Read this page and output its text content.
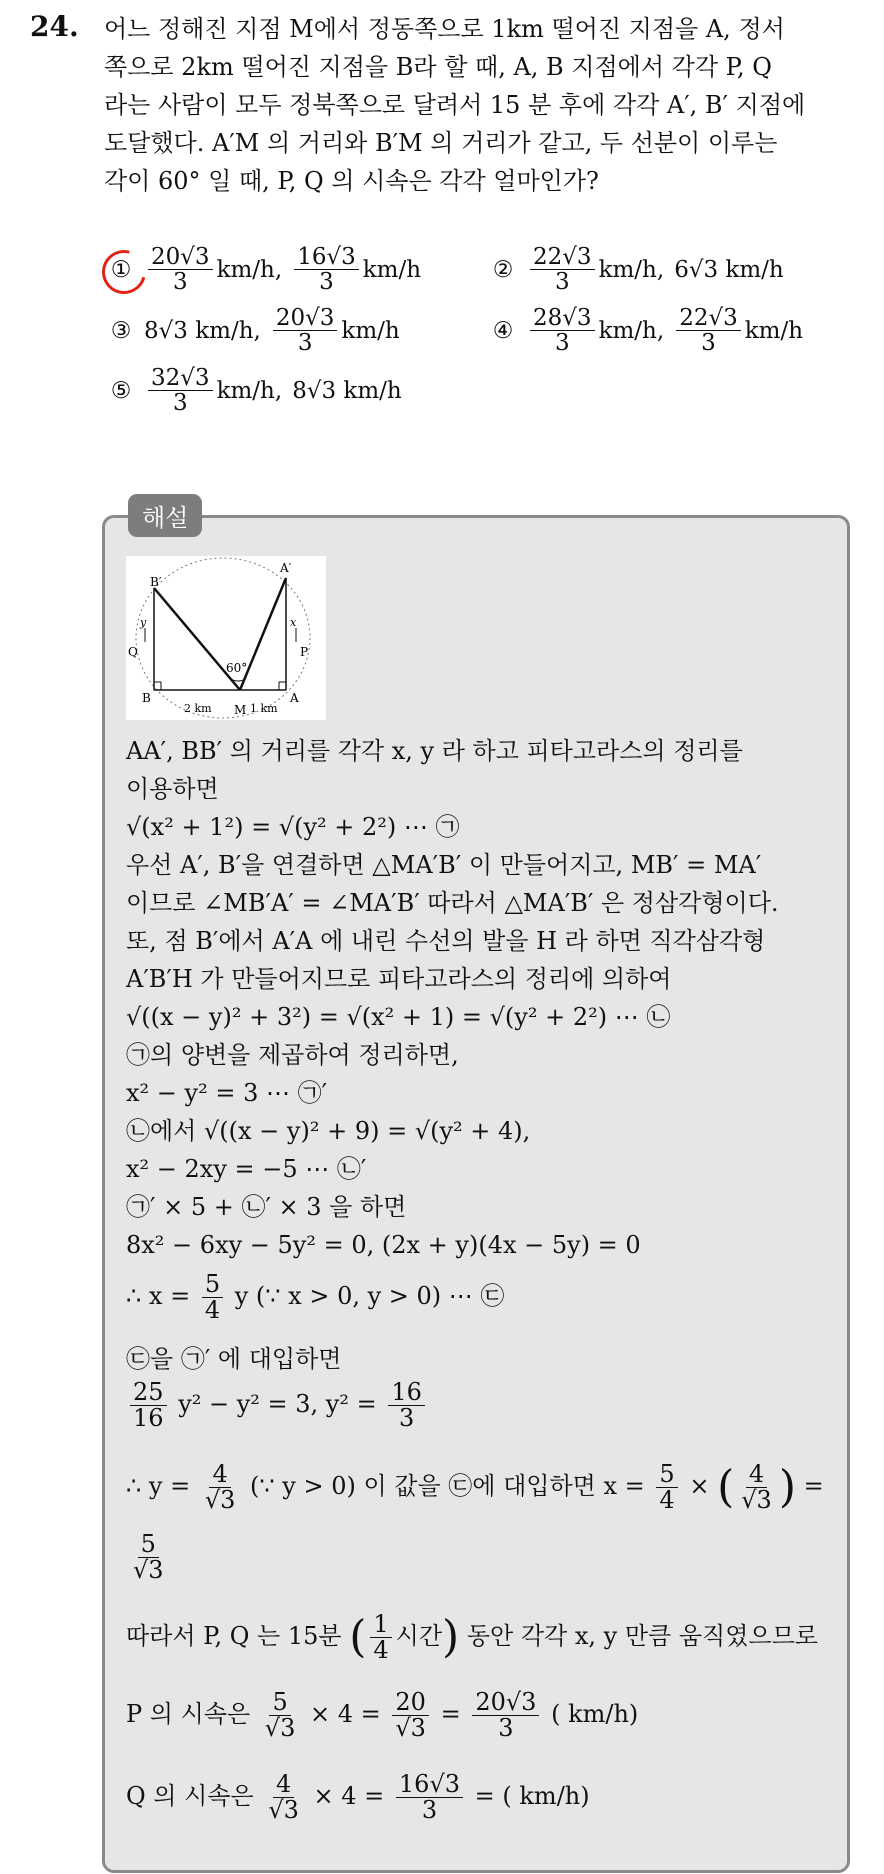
24. 어느 정해진 지점 M에서 정동쪽으로 1km 떨어진 지점을 A, 정서
쪽으로 2km 떨어진 지점을 B라 할 때, A, B 지점에서 각각 P, Q
라는 사람이 모두 정북쪽으로 달려서 15 분 후에 각각 A′, B′ 지점에
도달했다. A′M 의 거리와 B′M 의 거리가 같고, 두 선분이 이루는
각이 60° 일 때, P, Q 의 시속은 각각 얼마인가?
① $\frac{20√3}{3} km/h$, $\frac{16√3}{3} km/h$	② $\frac{22√3}{3} km/h$, 6√3 km/h
③ 8√3 km/h, $\frac{20√3}{3} km/h$	④ $\frac{28√3}{3} km/h$, $\frac{22√3}{3} km/h$
⑤ $\frac{32√3}{3} km/h$, 8√3 km/h
해설
B′
A′
B	A
M
Q	P
y	x
60°
2 km	1 km
AA′, BB′ 의 거리를 각각 x, y 라 하고 피타고라스의 정리를
이용하면
√(x² + 1²) = √(y² + 2²) ⋯ ㉠
우선 A′, B′을 연결하면 △MA′B′ 이 만들어지고, MB′ = MA′
이므로 ∠MB′A′ = ∠MA′B′ 따라서 △MA′B′ 은 정삼각형이다.
또, 점 B′에서 A′A 에 내린 수선의 발을 H 라 하면 직각삼각형
A′B′H 가 만들어지므로 피타고라스의 정리에 의하여
√((x − y)² + 3²) = √(x² + 1) = √(y² + 2²) ⋯ ㉡
㉠의 양변을 제곱하여 정리하면,
x² − y² = 3 ⋯ ㉠′
㉡에서 √((x − y)² + 9) = √(y² + 4),
x² − 2xy = −5 ⋯ ㉡′
㉠′ × 5 + ㉡′ × 3 을 하면
8x² − 6xy − 5y² = 0, (2x + y)(4x − 5y) = 0
∴ $x = \frac{5}{4}$ y (∵ x > 0, y > 0) ⋯ ㉢
㉢을 ㉠′ 에 대입하면
$\frac{25}{16} y^2 - y^2 = 3$, $y^2 = \frac{16}{3}$
∴ $y = \frac{4}{√3}$ (∵ y > 0) 이 값을 ㉢에 대입하면 $x = \frac{5}{4}$ × ( $\frac{4}{√3}$ ) =
$\frac{5}{√3}$
따라서 P, Q 는 15분 ( $\frac{1}{4}$ 시간) 동안 각각 x, y 만큼 움직였으므로
P 의 시속은 $\frac{5}{√3} \times 4 = \frac{20}{√3} = \frac{20√3}{3}$ ( km/h)
Q 의 시속은 $\frac{4}{√3} \times 4 = \frac{16√3}{3}$ = ( km/h)
